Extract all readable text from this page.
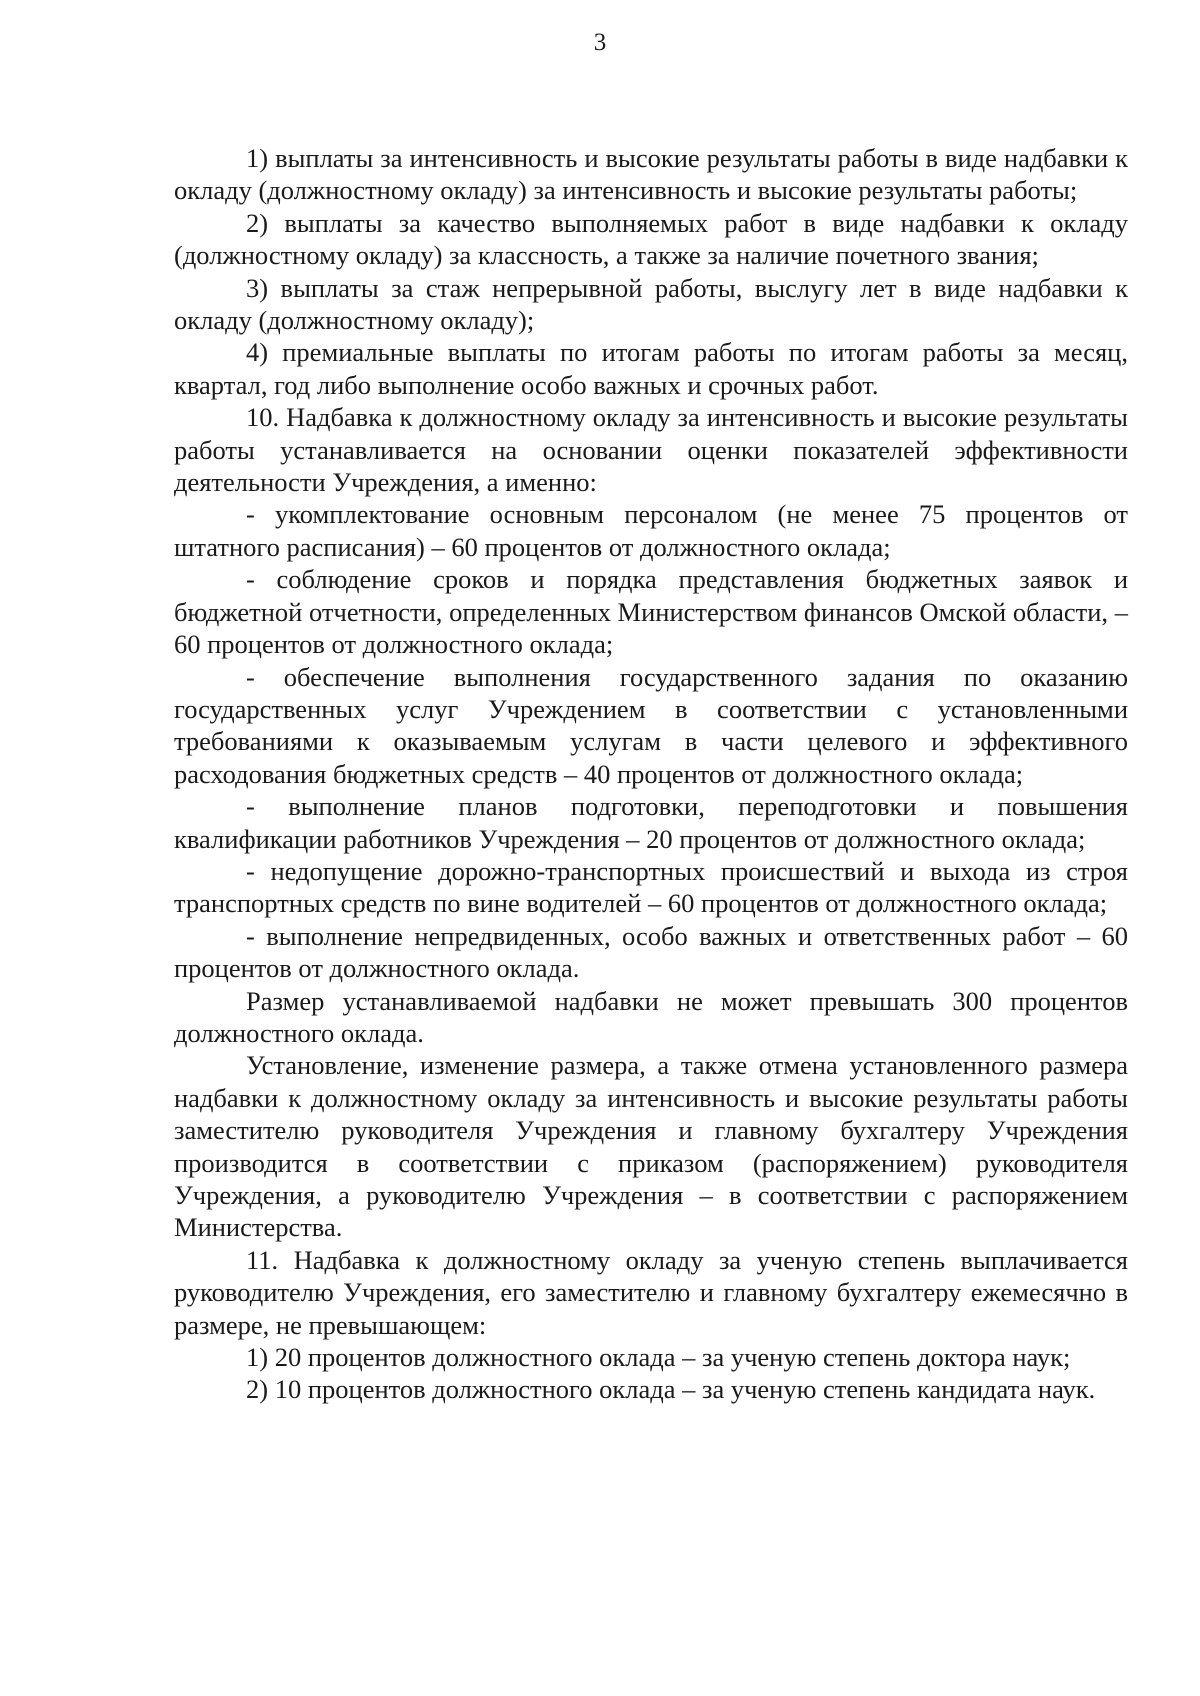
3

1) выплаты за интенсивность и высокие результаты работы в виде надбавки к окладу (должностному окладу) за интенсивность и высокие результаты работы;

2) выплаты за качество выполняемых работ в виде надбавки к окладу (должностному окладу) за классность, а также за наличие почетного звания;

3) выплаты за стаж непрерывной работы, выслугу лет в виде надбавки к окладу (должностному окладу);

4) премиальные выплаты по итогам работы по итогам работы за месяц, квартал, год либо выполнение особо важных и срочных работ.

10. Надбавка к должностному окладу за интенсивность и высокие результаты работы устанавливается на основании оценки показателей эффективности деятельности Учреждения, а именно:

- укомплектование основным персоналом (не менее 75 процентов от штатного расписания) – 60 процентов от должностного оклада;

- соблюдение сроков и порядка представления бюджетных заявок и бюджетной отчетности, определенных Министерством финансов Омской области, – 60 процентов от должностного оклада;

- обеспечение выполнения государственного задания по оказанию государственных услуг Учреждением в соответствии с установленными требованиями к оказываемым услугам в части целевого и эффективного расходования бюджетных средств – 40 процентов от должностного оклада;

- выполнение планов подготовки, переподготовки и повышения квалификации работников Учреждения – 20 процентов от должностного оклада;

- недопущение дорожно-транспортных происшествий и выхода из строя транспортных средств по вине водителей – 60 процентов от должностного оклада;

- выполнение непредвиденных, особо важных и ответственных работ – 60 процентов от должностного оклада.

Размер устанавливаемой надбавки не может превышать 300 процентов должностного оклада.

Установление, изменение размера, а также отмена установленного размера надбавки к должностному окладу за интенсивность и высокие результаты работы заместителю руководителя Учреждения и главному бухгалтеру Учреждения производится в соответствии с приказом (распоряжением) руководителя Учреждения, а руководителю Учреждения – в соответствии с распоряжением Министерства.

11. Надбавка к должностному окладу за ученую степень выплачивается руководителю Учреждения, его заместителю и главному бухгалтеру ежемесячно в размере, не превышающем:

1) 20 процентов должностного оклада – за ученую степень доктора наук;

2) 10 процентов должностного оклада – за ученую степень кандидата наук.
